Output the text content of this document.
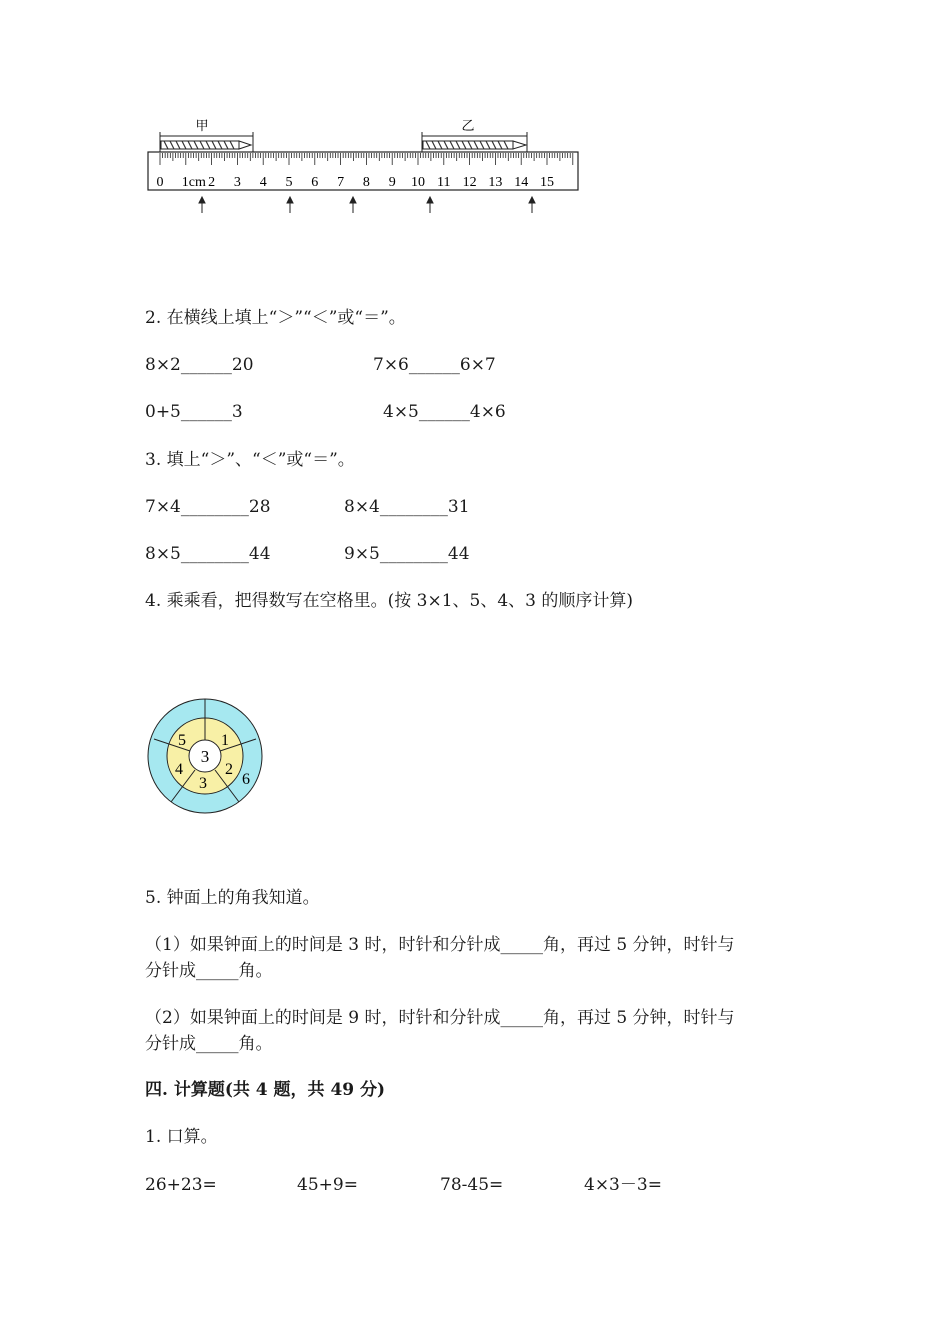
甲	乙
0 1cm 2 3 4 5 6 7 8 9 10 11 12 13 14 15
2. 在横线上填上“＞”“＜”或“＝”。
8×2______20	7×6______6×7
0+5______3	4×5______4×6
3. 填上“＞”、“＜”或“＝”。
7×4________28	8×4________31
8×5________44	9×5________44
4. 乘乘看，把得数写在空格里。(按 3×1、5、4、3 的顺序计算)
3
1
2
3
4
5
6
5. 钟面上的角我知道。
（1）如果钟面上的时间是 3 时，时针和分针成_____角，再过 5 分钟，时针与
分针成_____角。
（2）如果钟面上的时间是 9 时，时针和分针成_____角，再过 5 分钟，时针与
分针成_____角。
四. 计算题(共 4 题，共 49 分)
1. 口算。
26+23=	45+9=	78-45=	4×3－3=
